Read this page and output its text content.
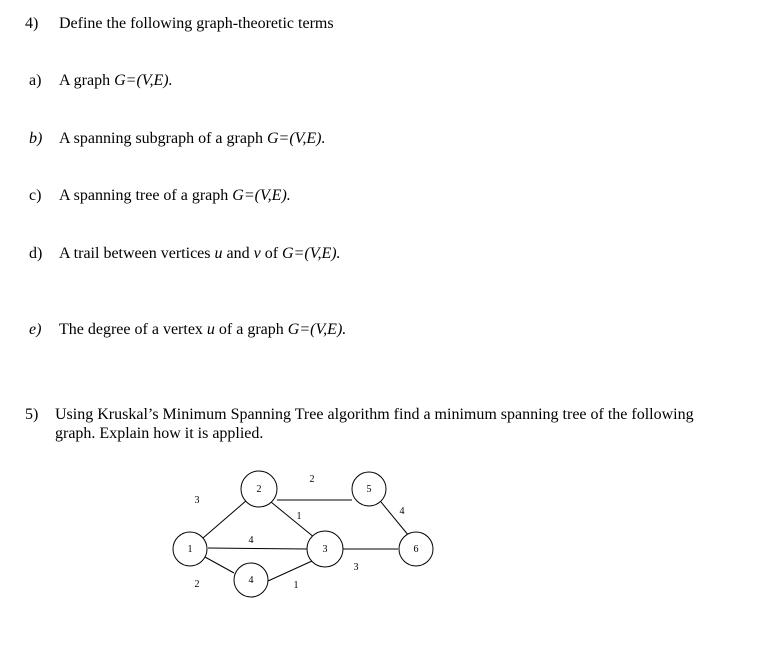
4) Define the following graph-theoretic terms
a) A graph G=(V,E).
b) A spanning subgraph of a graph G=(V,E).
c) A spanning tree of a graph G=(V,E).
d) A trail between vertices u and v of G=(V,E).
e) The degree of a vertex u of a graph G=(V,E).
5) Using Kruskal’s Minimum Spanning Tree algorithm find a minimum spanning tree of the following
graph. Explain how it is applied.
1
2
3
4
5
6
3
4
2
1
2
1
3
4
